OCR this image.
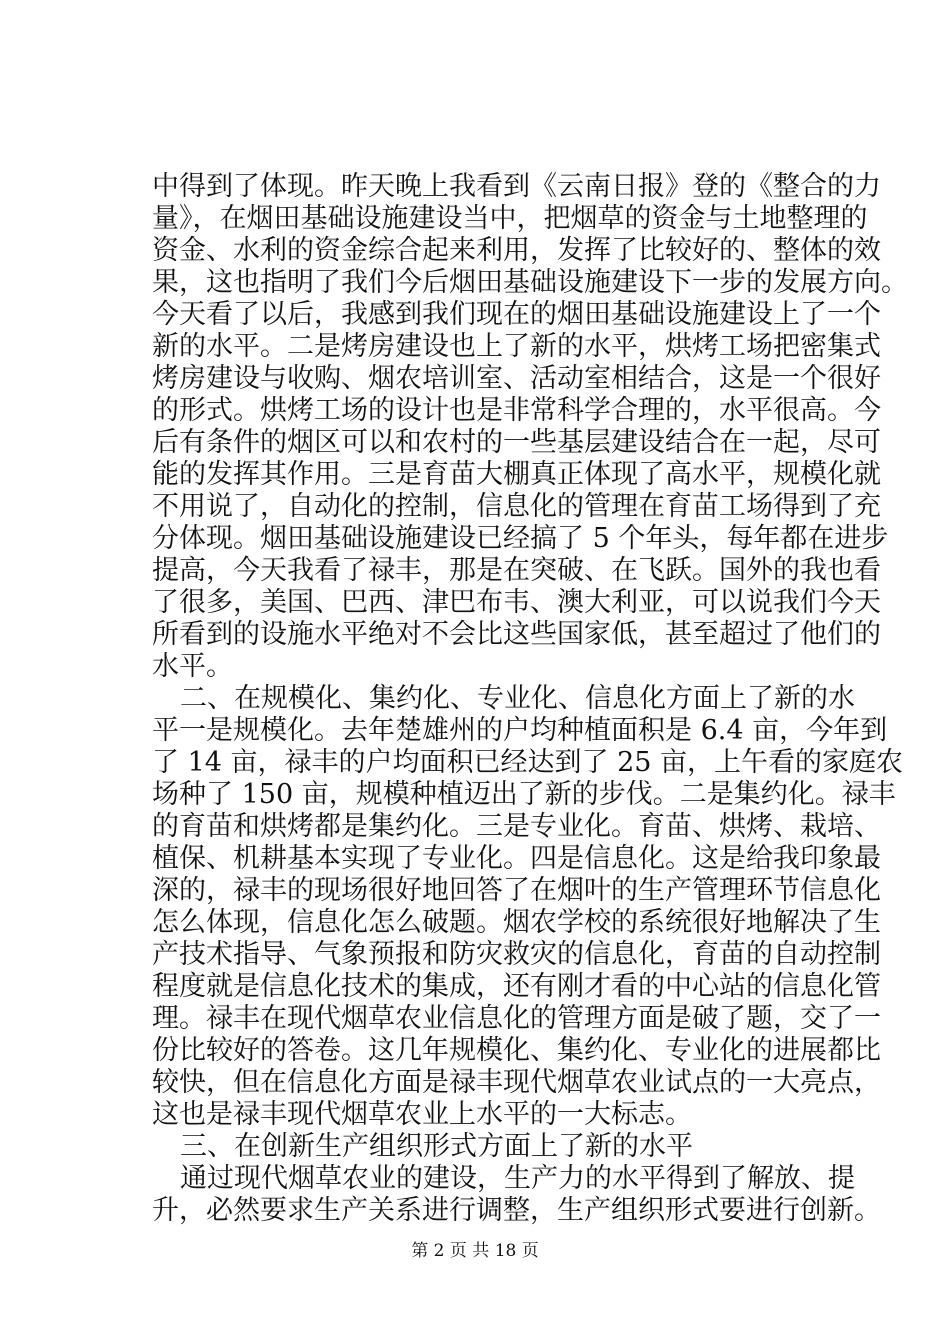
中得到了体现。昨天晚上我看到《云南日报》登的《整合的力
量》，在烟田基础设施建设当中，把烟草的资金与土地整理的
资金、水利的资金综合起来利用，发挥了比较好的、整体的效
果，这也指明了我们今后烟田基础设施建设下一步的发展方向。
今天看了以后，我感到我们现在的烟田基础设施建设上了一个
新的水平。二是烤房建设也上了新的水平，烘烤工场把密集式
烤房建设与收购、烟农培训室、活动室相结合，这是一个很好
的形式。烘烤工场的设计也是非常科学合理的，水平很高。今
后有条件的烟区可以和农村的一些基层建设结合在一起，尽可
能的发挥其作用。三是育苗大棚真正体现了高水平，规模化就
不用说了，自动化的控制，信息化的管理在育苗工场得到了充
分体现。烟田基础设施建设已经搞了 5 个年头，每年都在进步
提高，今天我看了禄丰，那是在突破、在飞跃。国外的我也看
了很多，美国、巴西、津巴布韦、澳大利亚，可以说我们今天
所看到的设施水平绝对不会比这些国家低，甚至超过了他们的
水平。
二、在规模化、集约化、专业化、信息化方面上了新的水
平一是规模化。去年楚雄州的户均种植面积是 6.4 亩，今年到
了 14 亩，禄丰的户均面积已经达到了 25 亩，上午看的家庭农
场种了 150 亩，规模种植迈出了新的步伐。二是集约化。禄丰
的育苗和烘烤都是集约化。三是专业化。育苗、烘烤、栽培、
植保、机耕基本实现了专业化。四是信息化。这是给我印象最
深的，禄丰的现场很好地回答了在烟叶的生产管理环节信息化
怎么体现，信息化怎么破题。烟农学校的系统很好地解决了生
产技术指导、气象预报和防灾救灾的信息化，育苗的自动控制
程度就是信息化技术的集成，还有刚才看的中心站的信息化管
理。禄丰在现代烟草农业信息化的管理方面是破了题，交了一
份比较好的答卷。这几年规模化、集约化、专业化的进展都比
较快，但在信息化方面是禄丰现代烟草农业试点的一大亮点，
这也是禄丰现代烟草农业上水平的一大标志。
三、在创新生产组织形式方面上了新的水平
通过现代烟草农业的建设，生产力的水平得到了解放、提
升，必然要求生产关系进行调整，生产组织形式要进行创新。
第 2 页 共 18 页
